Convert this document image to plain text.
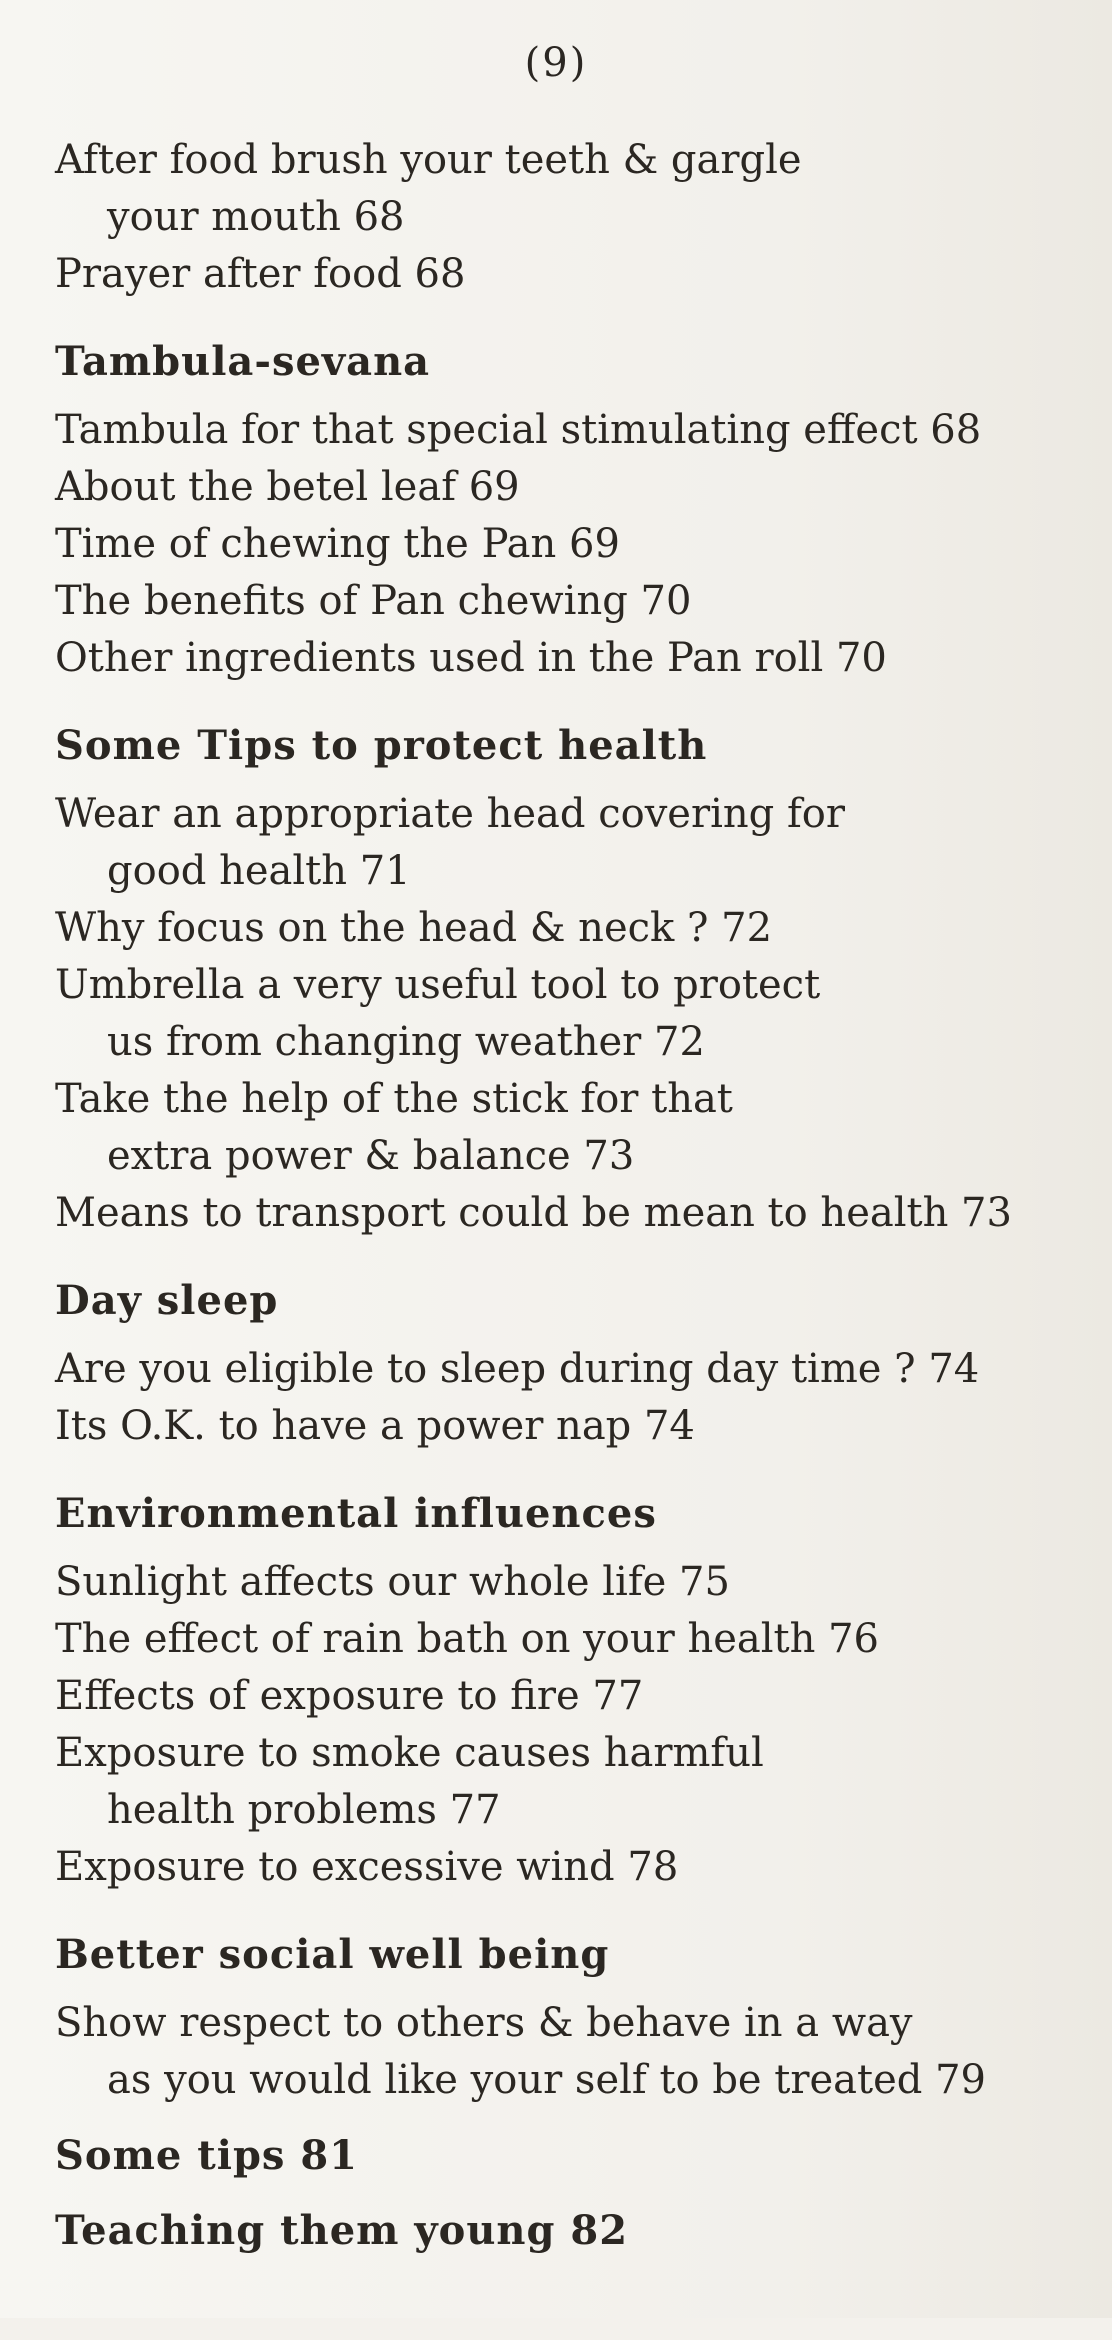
(9)
After food brush your teeth & gargle
your mouth 68
Prayer after food 68
Tambula-sevana
Tambula for that special stimulating effect 68
About the betel leaf 69
Time of chewing the Pan 69
The benefits of Pan chewing 70
Other ingredients used in the Pan roll 70
Some Tips to protect health
Wear an appropriate head covering for
good health 71
Why focus on the head & neck ? 72
Umbrella a very useful tool to protect
us from changing weather 72
Take the help of the stick for that
extra power & balance 73
Means to transport could be mean to health 73
Day sleep
Are you eligible to sleep during day time ? 74
Its O.K. to have a power nap 74
Environmental influences
Sunlight affects our whole life 75
The effect of rain bath on your health 76
Effects of exposure to fire 77
Exposure to smoke causes harmful
health problems 77
Exposure to excessive wind 78
Better social well being
Show respect to others & behave in a way
as you would like your self to be treated 79
Some tips 81
Teaching them young 82
